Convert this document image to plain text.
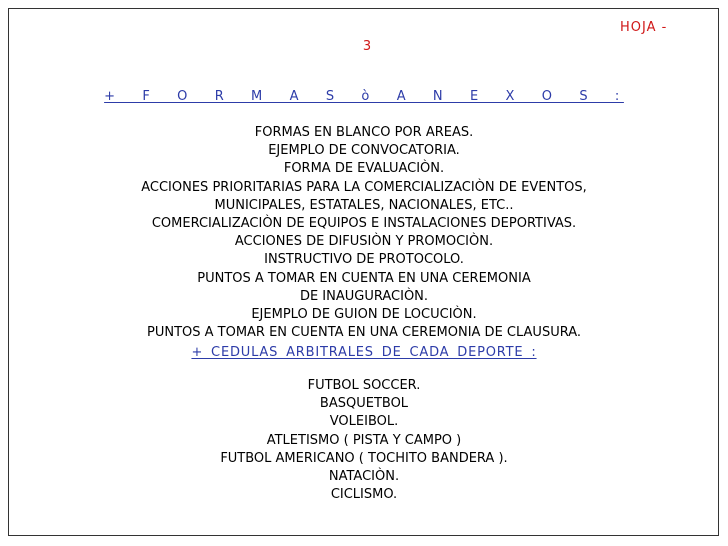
HOJA -
3
+ F O R M A S ò A N E X O S :
FORMAS EN BLANCO POR AREAS.
EJEMPLO DE CONVOCATORIA.
FORMA DE EVALUACIÒN.
ACCIONES PRIORITARIAS PARA LA COMERCIALIZACIÒN DE EVENTOS,
MUNICIPALES, ESTATALES, NACIONALES, ETC..
COMERCIALIZACIÒN DE EQUIPOS E INSTALACIONES DEPORTIVAS.
ACCIONES DE DIFUSIÒN Y PROMOCIÒN.
INSTRUCTIVO DE PROTOCOLO.
PUNTOS A TOMAR EN CUENTA EN UNA CEREMONIA
DE INAUGURACIÒN.
EJEMPLO DE GUION DE LOCUCIÒN.
PUNTOS A TOMAR EN CUENTA EN UNA CEREMONIA DE CLAUSURA.
+ CEDULAS ARBITRALES DE CADA DEPORTE :
FUTBOL SOCCER.
BASQUETBOL
VOLEIBOL.
ATLETISMO ( PISTA Y CAMPO )
FUTBOL AMERICANO ( TOCHITO BANDERA ).
NATACIÒN.
CICLISMO.
